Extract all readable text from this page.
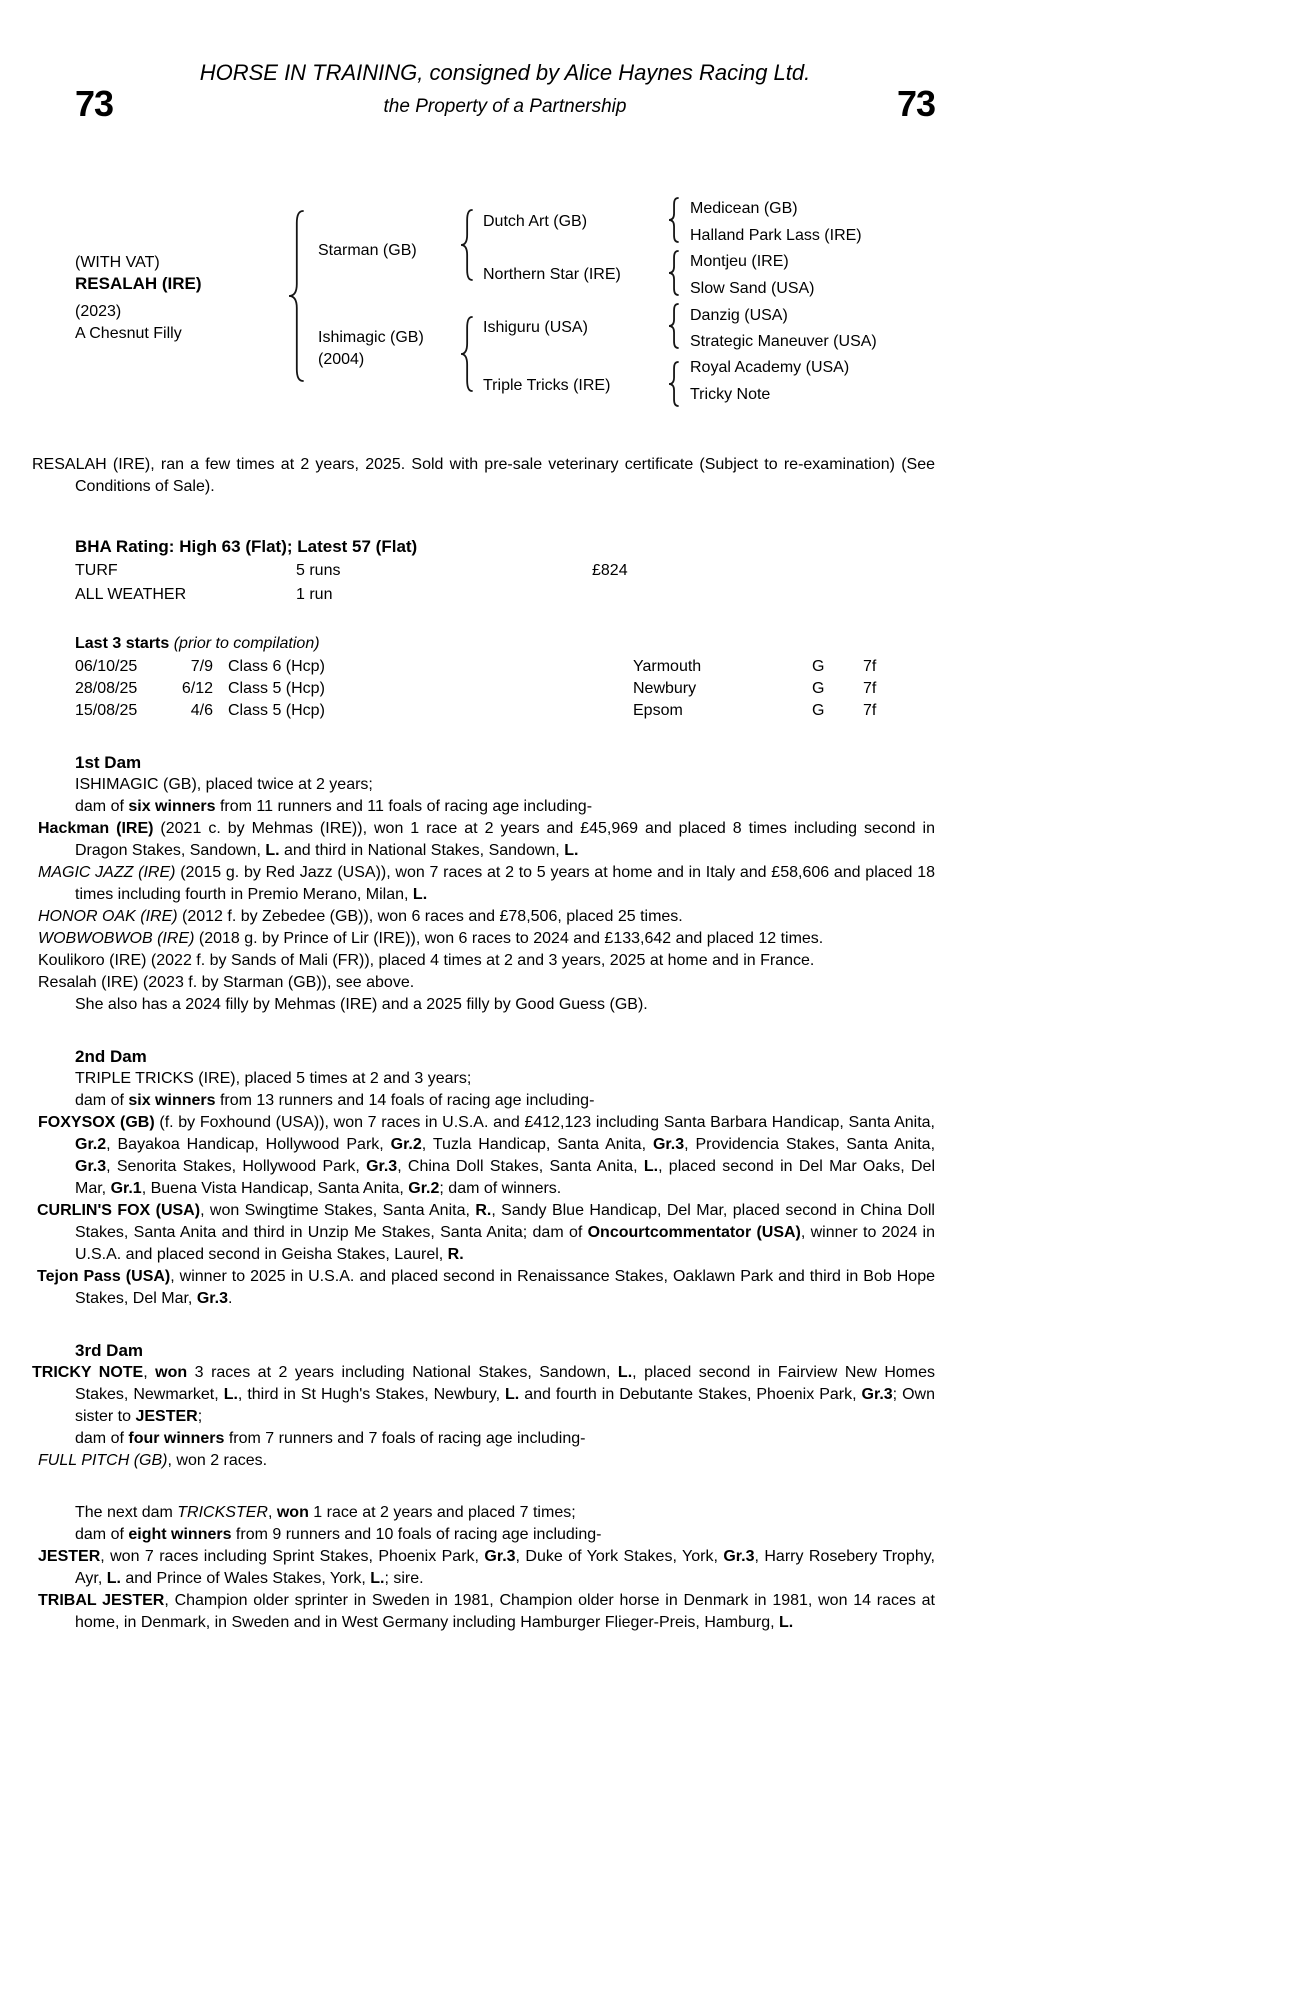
73	73
HORSE IN TRAINING, consigned by Alice Haynes Racing Ltd.
the Property of a Partnership
(WITH VAT)
RESALAH (IRE)
(2023)
A Chesnut Filly
Starman (GB)
Ishimagic (GB)
(2004)
Dutch Art (GB)
Northern Star (IRE)
Ishiguru (USA)
Triple Tricks (IRE)
Medicean (GB)
Halland Park Lass (IRE)
Montjeu (IRE)
Slow Sand (USA)
Danzig (USA)
Strategic Maneuver (USA)
Royal Academy (USA)
Tricky Note

RESALAH (IRE), ran a few times at 2 years, 2025. Sold with pre-sale veterinary certificate (Subject to re-examination) (See Conditions of Sale).

BHA Rating: High 63 (Flat); Latest 57 (Flat)
TURF	5 runs	£824
ALL WEATHER	1 run
Last 3 starts (prior to compilation)
06/10/25	7/9 Class 6 (Hcp)	Yarmouth	G 7f
28/08/25	6/12 Class 5 (Hcp)	Newbury	G 7f
15/08/25	4/6 Class 5 (Hcp)	Epsom	G 7f
1st Dam

ISHIMAGIC (GB), placed twice at 2 years;

dam of six winners from 11 runners and 11 foals of racing age including-

Hackman (IRE) (2021 c. by Mehmas (IRE)), won 1 race at 2 years and £45,969 and placed 8 times including second in Dragon Stakes, Sandown, L. and third in National Stakes, Sandown, L.

MAGIC JAZZ (IRE) (2015 g. by Red Jazz (USA)), won 7 races at 2 to 5 years at home and in Italy and £58,606 and placed 18 times including fourth in Premio Merano, Milan, L.

HONOR OAK (IRE) (2012 f. by Zebedee (GB)), won 6 races and £78,506, placed 25 times.

WOBWOBWOB (IRE) (2018 g. by Prince of Lir (IRE)), won 6 races to 2024 and £133,642 and placed 12 times.

Koulikoro (IRE) (2022 f. by Sands of Mali (FR)), placed 4 times at 2 and 3 years, 2025 at home and in France.

Resalah (IRE) (2023 f. by Starman (GB)), see above.

She also has a 2024 filly by Mehmas (IRE) and a 2025 filly by Good Guess (GB).

2nd Dam

TRIPLE TRICKS (IRE), placed 5 times at 2 and 3 years;

dam of six winners from 13 runners and 14 foals of racing age including-

FOXYSOX (GB) (f. by Foxhound (USA)), won 7 races in U.S.A. and £412,123 including Santa Barbara Handicap, Santa Anita, Gr.2, Bayakoa Handicap, Hollywood Park, Gr.2, Tuzla Handicap, Santa Anita, Gr.3, Providencia Stakes, Santa Anita, Gr.3, Senorita Stakes, Hollywood Park, Gr.3, China Doll Stakes, Santa Anita, L., placed second in Del Mar Oaks, Del Mar, Gr.1, Buena Vista Handicap, Santa Anita, Gr.2; dam of winners.

CURLIN'S FOX (USA), won Swingtime Stakes, Santa Anita, R., Sandy Blue Handicap, Del Mar, placed second in China Doll Stakes, Santa Anita and third in Unzip Me Stakes, Santa Anita; dam of Oncourtcommentator (USA), winner to 2024 in U.S.A. and placed second in Geisha Stakes, Laurel, R.

Tejon Pass (USA), winner to 2025 in U.S.A. and placed second in Renaissance Stakes, Oaklawn Park and third in Bob Hope Stakes, Del Mar, Gr.3.

3rd Dam

TRICKY NOTE, won 3 races at 2 years including National Stakes, Sandown, L., placed second in Fairview New Homes Stakes, Newmarket, L., third in St Hugh's Stakes, Newbury, L. and fourth in Debutante Stakes, Phoenix Park, Gr.3; Own sister to JESTER;

dam of four winners from 7 runners and 7 foals of racing age including-

FULL PITCH (GB), won 2 races.

The next dam TRICKSTER, won 1 race at 2 years and placed 7 times;

dam of eight winners from 9 runners and 10 foals of racing age including-

JESTER, won 7 races including Sprint Stakes, Phoenix Park, Gr.3, Duke of York Stakes, York, Gr.3, Harry Rosebery Trophy, Ayr, L. and Prince of Wales Stakes, York, L.; sire.

TRIBAL JESTER, Champion older sprinter in Sweden in 1981, Champion older horse in Denmark in 1981, won 14 races at home, in Denmark, in Sweden and in West Germany including Hamburger Flieger-Preis, Hamburg, L.
